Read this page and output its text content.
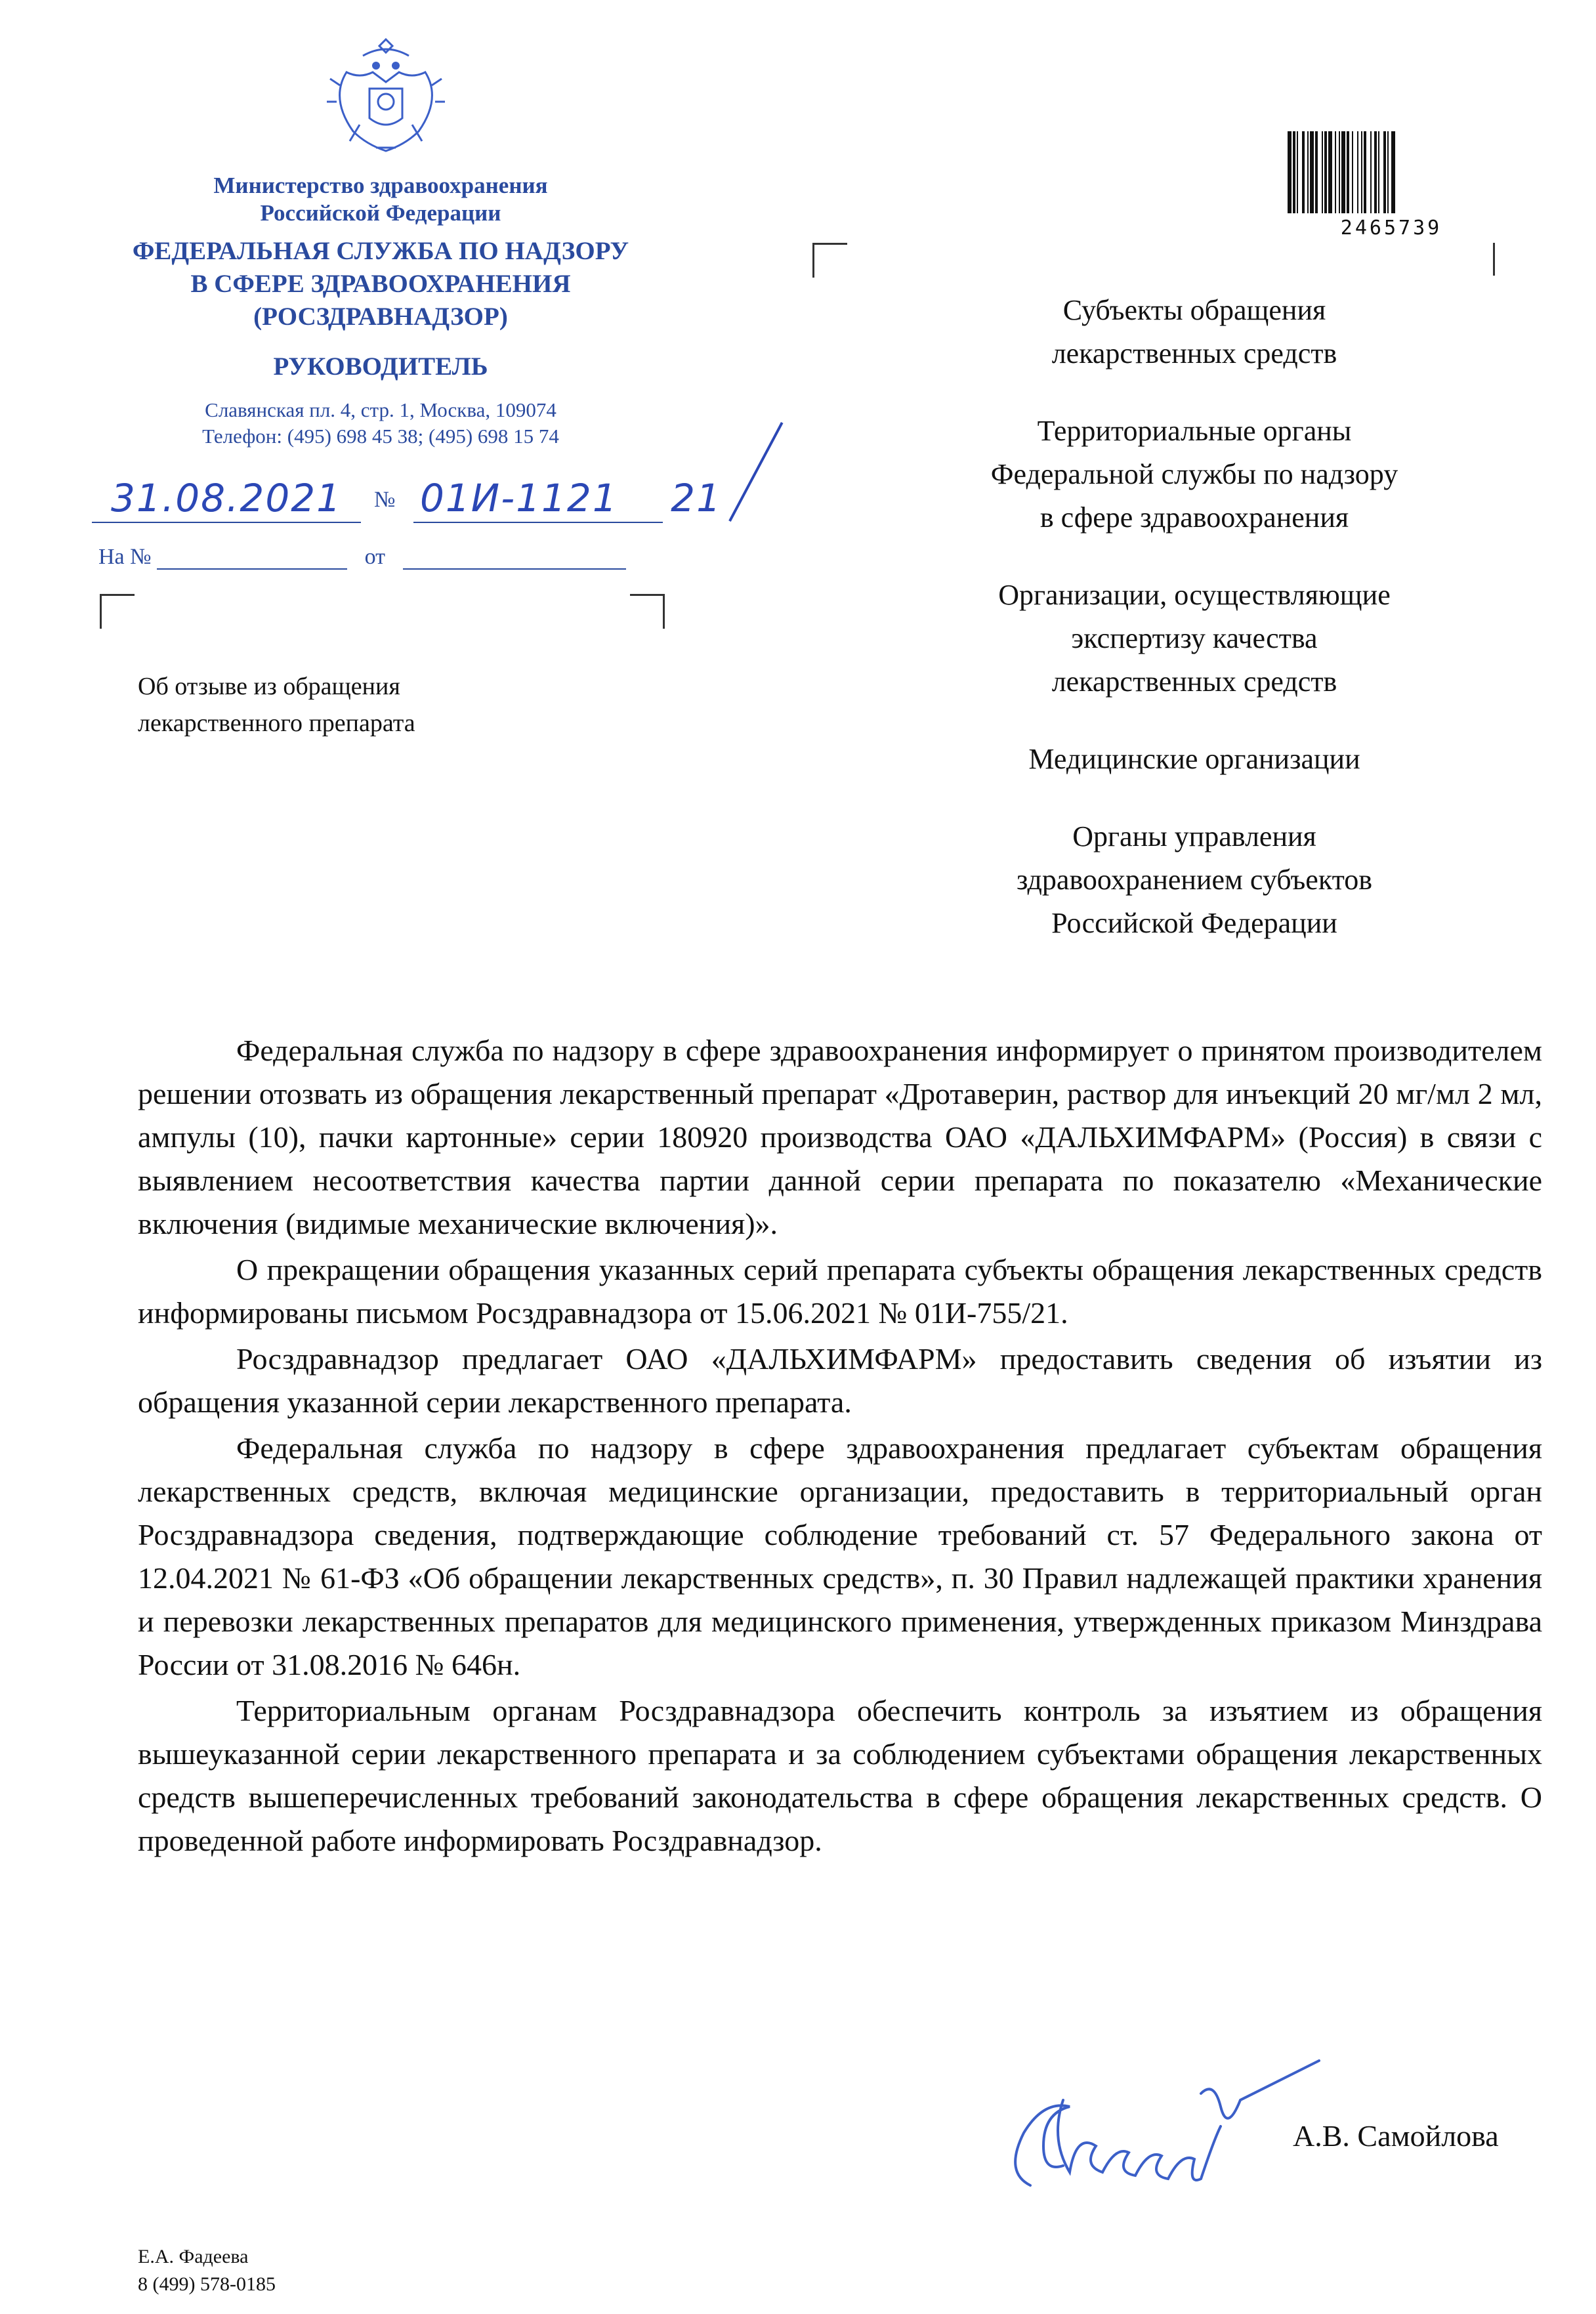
Министерство здравоохранения
Российской Федерации
ФЕДЕРАЛЬНАЯ СЛУЖБА ПО НАДЗОРУ
В СФЕРЕ ЗДРАВООХРАНЕНИЯ
(РОСЗДРАВНАДЗОР)
РУКОВОДИТЕЛЬ
Славянская пл. 4, стр. 1, Москва, 109074
Телефон: (495) 698 45 38; (495) 698 15 74
31.08.2021	№ 01И-1121 21
На №	от
Об отзыве из обращения
лекарственного препарата
2465739
Субъекты обращения
лекарственных средств
Территориальные органы
Федеральной службы по надзору
в сфере здравоохранения
Организации, осуществляющие
экспертизу качества
лекарственных средств
Медицинские организации
Органы управления
здравоохранением субъектов
Российской Федерации

Федеральная служба по надзору в сфере здравоохранения информирует о принятом производителем решении отозвать из обращения лекарственный препарат «Дротаверин, раствор для инъекций 20 мг/мл 2 мл, ампулы (10), пачки картонные» серии 180920 производства ОАО «ДАЛЬХИМФАРМ» (Россия) в связи с выявлением несоответствия качества партии данной серии препарата по показателю «Механические включения (видимые механические включения)».

О прекращении обращения указанных серий препарата субъекты обращения лекарственных средств информированы письмом Росздравнадзора от 15.06.2021 № 01И-755/21.

Росздравнадзор предлагает ОАО «ДАЛЬХИМФАРМ» предоставить сведения об изъятии из обращения указанной серии лекарственного препарата.

Федеральная служба по надзору в сфере здравоохранения предлагает субъектам обращения лекарственных средств, включая медицинские организации, предоставить в территориальный орган Росздравнадзора сведения, подтверждающие соблюдение требований ст. 57 Федерального закона от 12.04.2021 № 61-ФЗ «Об обращении лекарственных средств», п. 30 Правил надлежащей практики хранения и перевозки лекарственных препаратов для медицинского применения, утвержденных приказом Минздрава России от 31.08.2016 № 646н.

Территориальным органам Росздравнадзора обеспечить контроль за изъятием из обращения вышеуказанной серии лекарственного препарата и за соблюдением субъектами обращения лекарственных средств вышеперечисленных требований законодательства в сфере обращения лекарственных средств. О проведенной работе информировать Росздравнадзор.

А.В. Самойлова
Е.А. Фадеева
8 (499) 578-0185
